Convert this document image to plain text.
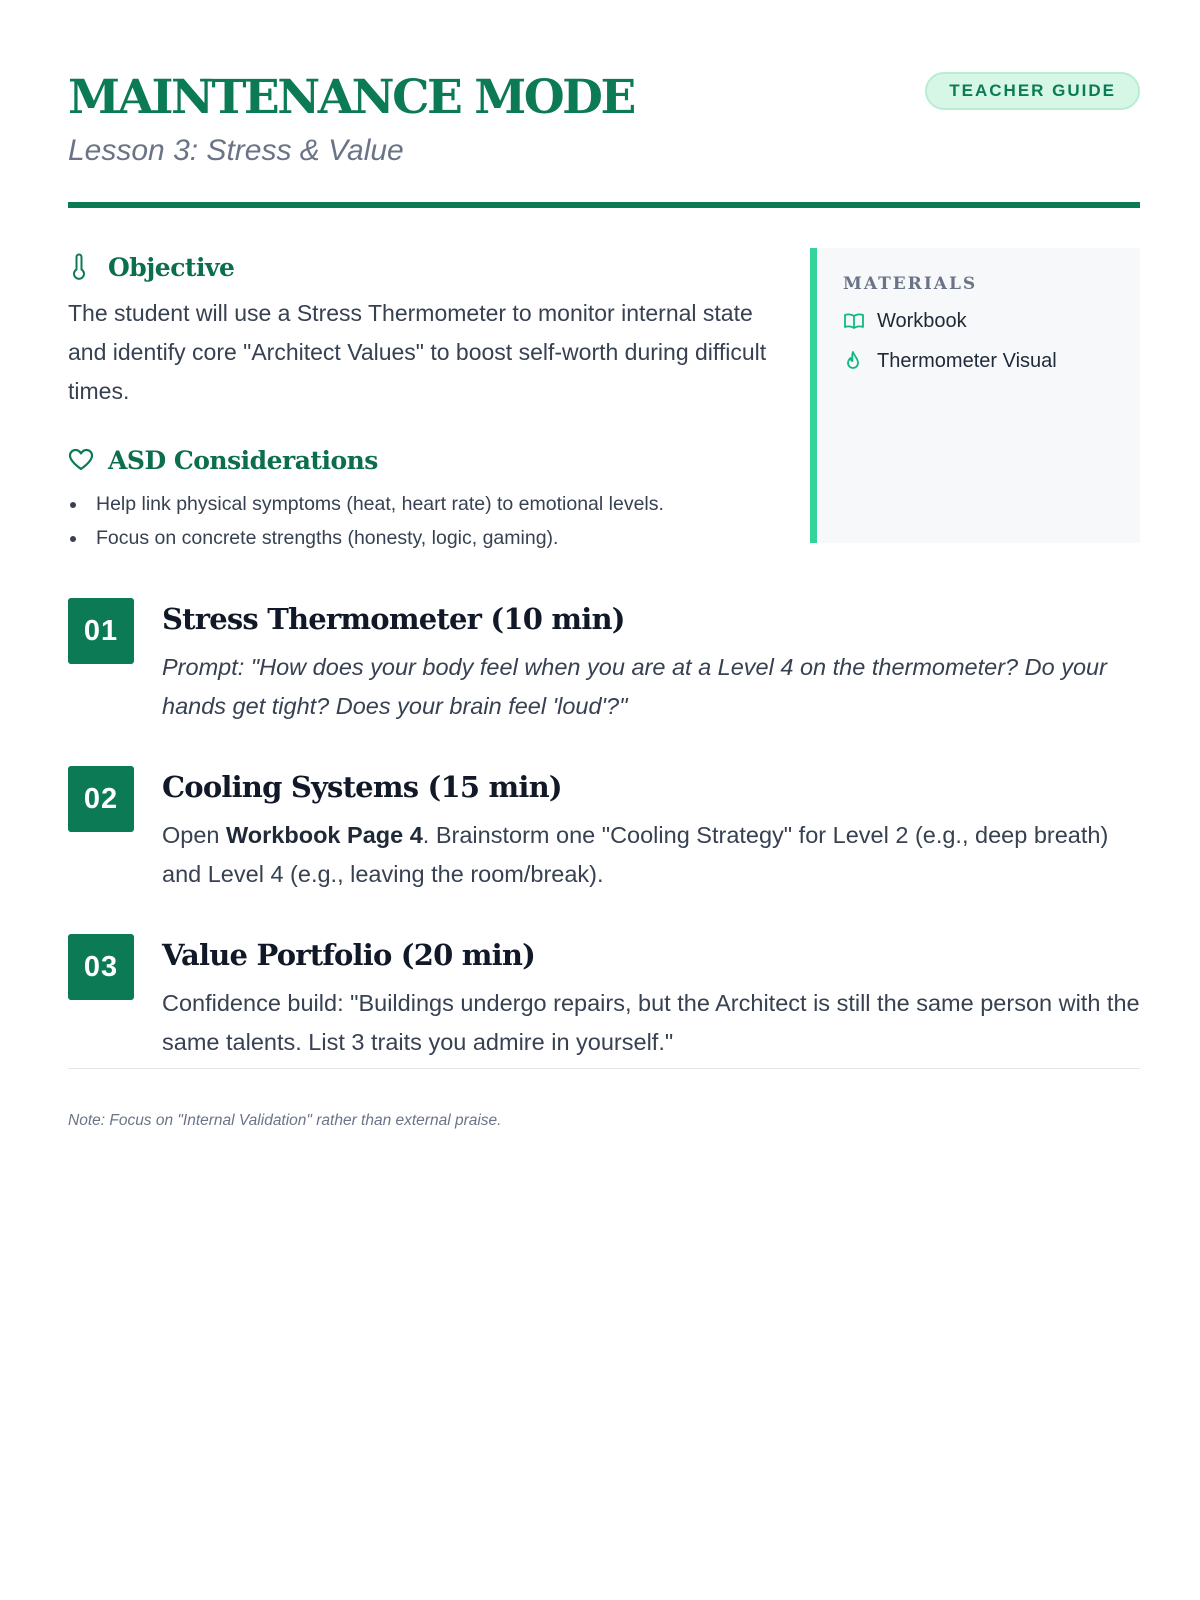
MAINTENANCE MODE
Lesson 3: Stress & Value
TEACHER GUIDE
Objective

The student will use a Stress Thermometer to monitor internal state and identify core "Architect Values" to boost self-worth during difficult times.

ASD Considerations
Help link physical symptoms (heat, heart rate) to emotional levels.
Focus on concrete strengths (honesty, logic, gaming).
MATERIALS
Workbook
Thermometer Visual
01	Stress Thermometer (10 min)

Prompt: "How does your body feel when you are at a Level 4 on the thermometer? Do your hands get tight? Does your brain feel 'loud'?"

02	Cooling Systems (15 min)

Open Workbook Page 4. Brainstorm one "Cooling Strategy" for Level 2 (e.g., deep breath) and Level 4 (e.g., leaving the room/break).

03	Value Portfolio (20 min)

Confidence build: "Buildings undergo repairs, but the Architect is still the same person with the same talents. List 3 traits you admire in yourself."

Note: Focus on "Internal Validation" rather than external praise.
